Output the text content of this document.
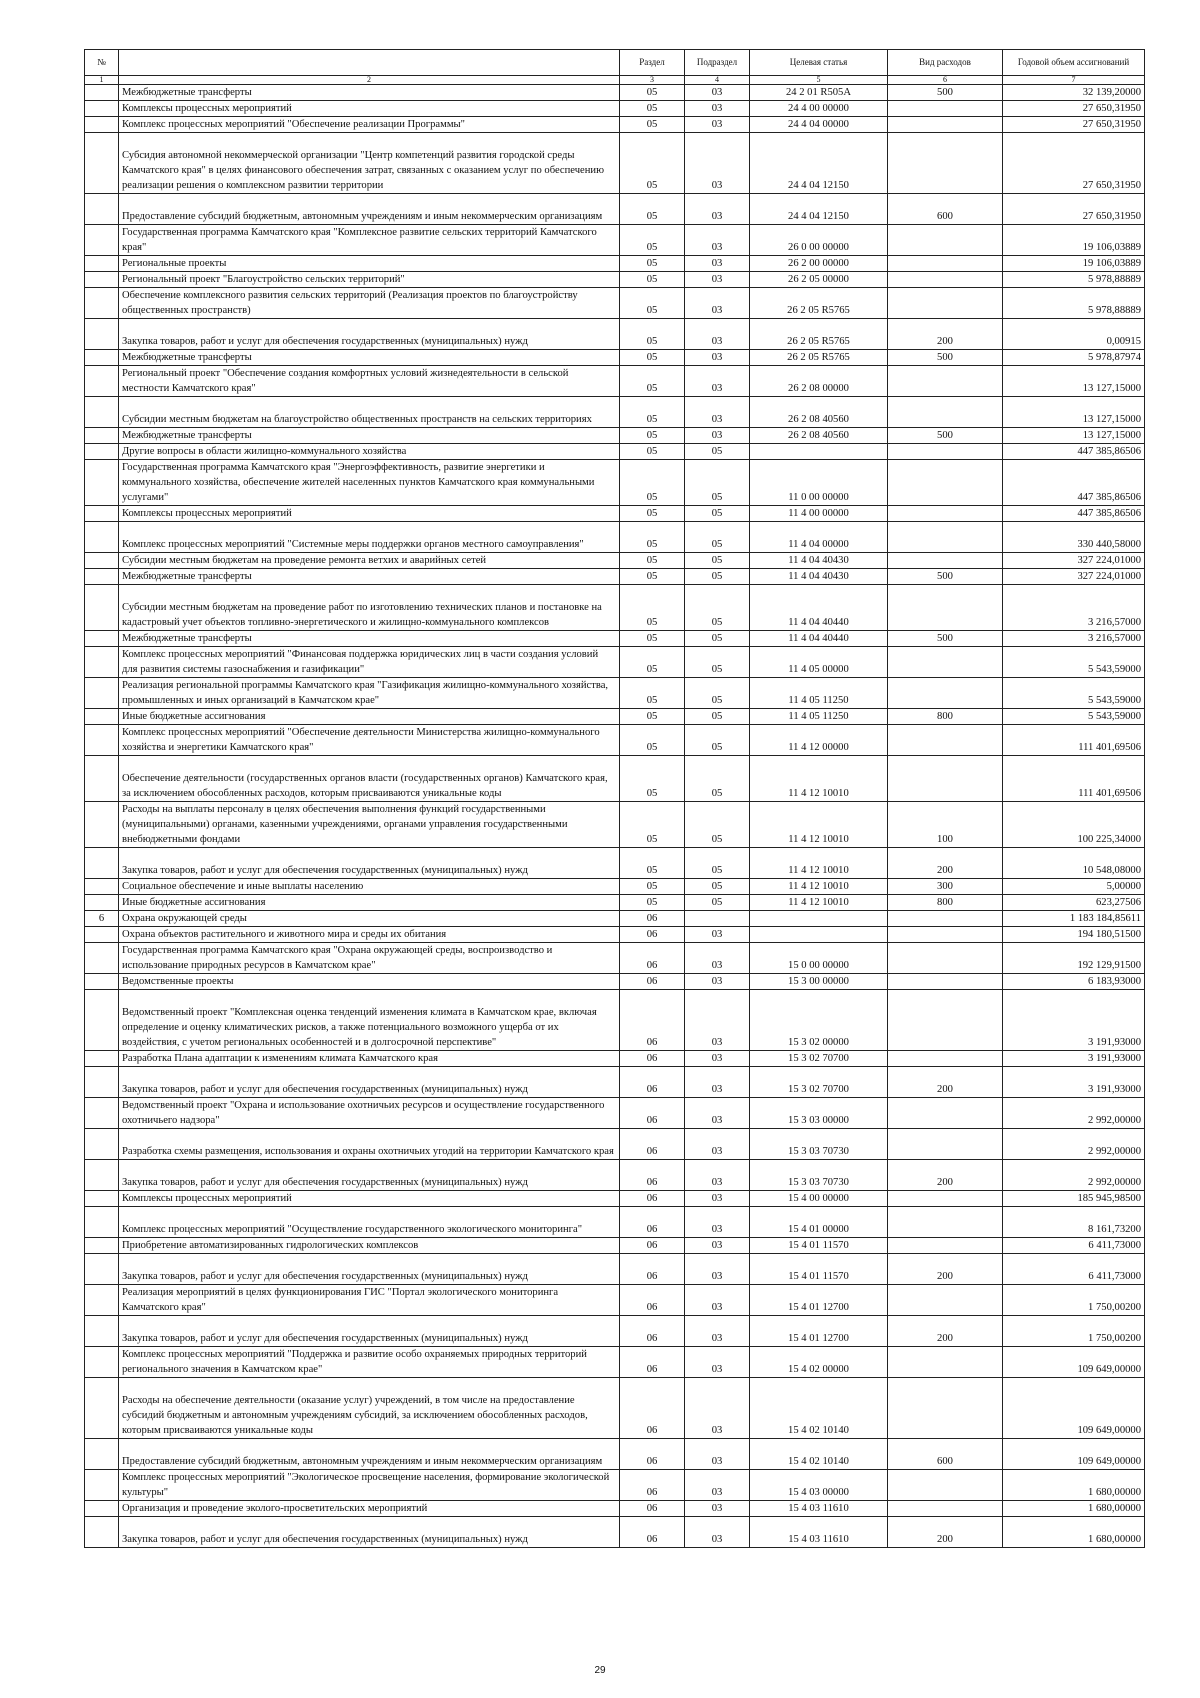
№		Раздел	Подраздел	Целевая статья	Вид расходов	Годовой объем ассигнований
1	2	3	4	5	6	7
	Межбюджетные трансферты	05	03	24 2 01 R505A	500	32 139,20000
	Комплексы процессных мероприятий	05	03	24 4 00 00000		27 650,31950
	Комплекс процессных мероприятий "Обеспечение реализации Программы"	05	03	24 4 04 00000		27 650,31950
	Субсидия автономной некоммерческой организации "Центр компетенций развития городской среды Камчатского края" в целях финансового обеспечения затрат, связанных с оказанием услуг по обеспечению реализации решения о комплексном развитии территории	05	03	24 4 04 12150		27 650,31950
	Предоставление субсидий бюджетным, автономным учреждениям и иным некоммерческим организациям	05	03	24 4 04 12150	600	27 650,31950
	Государственная программа Камчатского края "Комплексное развитие сельских территорий Камчатского края"	05	03	26 0 00 00000		19 106,03889
	Региональные проекты	05	03	26 2 00 00000		19 106,03889
	Региональный проект "Благоустройство сельских территорий"	05	03	26 2 05 00000		5 978,88889
	Обеспечение комплексного развития сельских территорий (Реализация проектов по благоустройству общественных пространств)	05	03	26 2 05 R5765		5 978,88889
	Закупка товаров, работ и услуг для обеспечения государственных (муниципальных) нужд	05	03	26 2 05 R5765	200	0,00915
	Межбюджетные трансферты	05	03	26 2 05 R5765	500	5 978,87974
	Региональный проект "Обеспечение создания комфортных условий жизнедеятельности в сельской местности Камчатского края"	05	03	26 2 08 00000		13 127,15000
	Субсидии местным бюджетам на благоустройство общественных пространств на сельских территориях	05	03	26 2 08 40560		13 127,15000
	Межбюджетные трансферты	05	03	26 2 08 40560	500	13 127,15000
	Другие вопросы в области жилищно-коммунального хозяйства	05	05			447 385,86506
	Государственная программа Камчатского края "Энергоэффективность, развитие энергетики и коммунального хозяйства, обеспечение жителей населенных пунктов Камчатского края коммунальными услугами"	05	05	11 0 00 00000		447 385,86506
	Комплексы процессных мероприятий	05	05	11 4 00 00000		447 385,86506
	Комплекс процессных мероприятий "Системные меры поддержки органов местного самоуправления"	05	05	11 4 04 00000		330 440,58000
	Субсидии местным бюджетам на проведение ремонта ветхих и аварийных сетей	05	05	11 4 04 40430		327 224,01000
	Межбюджетные трансферты	05	05	11 4 04 40430	500	327 224,01000
	Субсидии местным бюджетам на проведение работ по изготовлению технических планов и постановке на кадастровый учет объектов топливно-энергетического и жилищно-коммунального комплексов	05	05	11 4 04 40440		3 216,57000
	Межбюджетные трансферты	05	05	11 4 04 40440	500	3 216,57000
	Комплекс процессных мероприятий "Финансовая поддержка юридических лиц в части создания условий для развития системы газоснабжения и газификации"	05	05	11 4 05 00000		5 543,59000
	Реализация региональной программы Камчатского края "Газификация жилищно-коммунального хозяйства, промышленных и иных организаций в Камчатском крае"	05	05	11 4 05 11250		5 543,59000
	Иные бюджетные ассигнования	05	05	11 4 05 11250	800	5 543,59000
	Комплекс процессных мероприятий "Обеспечение деятельности Министерства жилищно-коммунального хозяйства и энергетики Камчатского края"	05	05	11 4 12 00000		111 401,69506
	Обеспечение деятельности (государственных органов власти (государственных органов) Камчатского края, за исключением обособленных расходов, которым присваиваются уникальные коды	05	05	11 4 12 10010		111 401,69506
	Расходы на выплаты персоналу в целях обеспечения выполнения функций государственными (муниципальными) органами, казенными учреждениями, органами управления государственными внебюджетными фондами	05	05	11 4 12 10010	100	100 225,34000
	Закупка товаров, работ и услуг для обеспечения государственных (муниципальных) нужд	05	05	11 4 12 10010	200	10 548,08000
	Социальное обеспечение и иные выплаты населению	05	05	11 4 12 10010	300	5,00000
	Иные бюджетные ассигнования	05	05	11 4 12 10010	800	623,27506
6	Охрана окружающей среды	06				1 183 184,85611
	Охрана объектов растительного и животного мира и среды их обитания	06	03			194 180,51500
	Государственная программа Камчатского края "Охрана окружающей среды, воспроизводство и использование природных ресурсов в Камчатском крае"	06	03	15 0 00 00000		192 129,91500
	Ведомственные проекты	06	03	15 3 00 00000		6 183,93000
	Ведомственный проект "Комплексная оценка тенденций изменения климата в Камчатском крае, включая определение и оценку климатических рисков, а также потенциального возможного ущерба от их воздействия, с учетом региональных особенностей и в долгосрочной перспективе"	06	03	15 3 02 00000		3 191,93000
	Разработка Плана адаптации к изменениям климата Камчатского края	06	03	15 3 02 70700		3 191,93000
	Закупка товаров, работ и услуг для обеспечения государственных (муниципальных) нужд	06	03	15 3 02 70700	200	3 191,93000
	Ведомственный проект "Охрана и использование охотничьих ресурсов и осуществление государственного охотничьего надзора"	06	03	15 3 03 00000		2 992,00000
	Разработка схемы размещения, использования и охраны охотничьих угодий на территории Камчатского края	06	03	15 3 03 70730		2 992,00000
	Закупка товаров, работ и услуг для обеспечения государственных (муниципальных) нужд	06	03	15 3 03 70730	200	2 992,00000
	Комплексы процессных мероприятий	06	03	15 4 00 00000		185 945,98500
	Комплекс процессных мероприятий "Осуществление государственного экологического мониторинга"	06	03	15 4 01 00000		8 161,73200
	Приобретение автоматизированных гидрологических комплексов	06	03	15 4 01 11570		6 411,73000
	Закупка товаров, работ и услуг для обеспечения государственных (муниципальных) нужд	06	03	15 4 01 11570	200	6 411,73000
	Реализация мероприятий в целях функционирования ГИС "Портал экологического мониторинга Камчатского края"	06	03	15 4 01 12700		1 750,00200
	Закупка товаров, работ и услуг для обеспечения государственных (муниципальных) нужд	06	03	15 4 01 12700	200	1 750,00200
	Комплекс процессных мероприятий "Поддержка и развитие особо охраняемых природных территорий регионального значения в Камчатском крае"	06	03	15 4 02 00000		109 649,00000
	Расходы на обеспечение деятельности (оказание услуг) учреждений, в том числе на предоставление субсидий бюджетным и автономным учреждениям субсидий, за исключением обособленных расходов, которым присваиваются уникальные коды	06	03	15 4 02 10140		109 649,00000
	Предоставление субсидий бюджетным, автономным учреждениям и иным некоммерческим организациям	06	03	15 4 02 10140	600	109 649,00000
	Комплекс процессных мероприятий "Экологическое просвещение населения, формирование экологической культуры"	06	03	15 4 03 00000		1 680,00000
	Организация и проведение эколого-просветительских мероприятий	06	03	15 4 03 11610		1 680,00000
	Закупка товаров, работ и услуг для обеспечения государственных (муниципальных) нужд	06	03	15 4 03 11610	200	1 680,00000
29
